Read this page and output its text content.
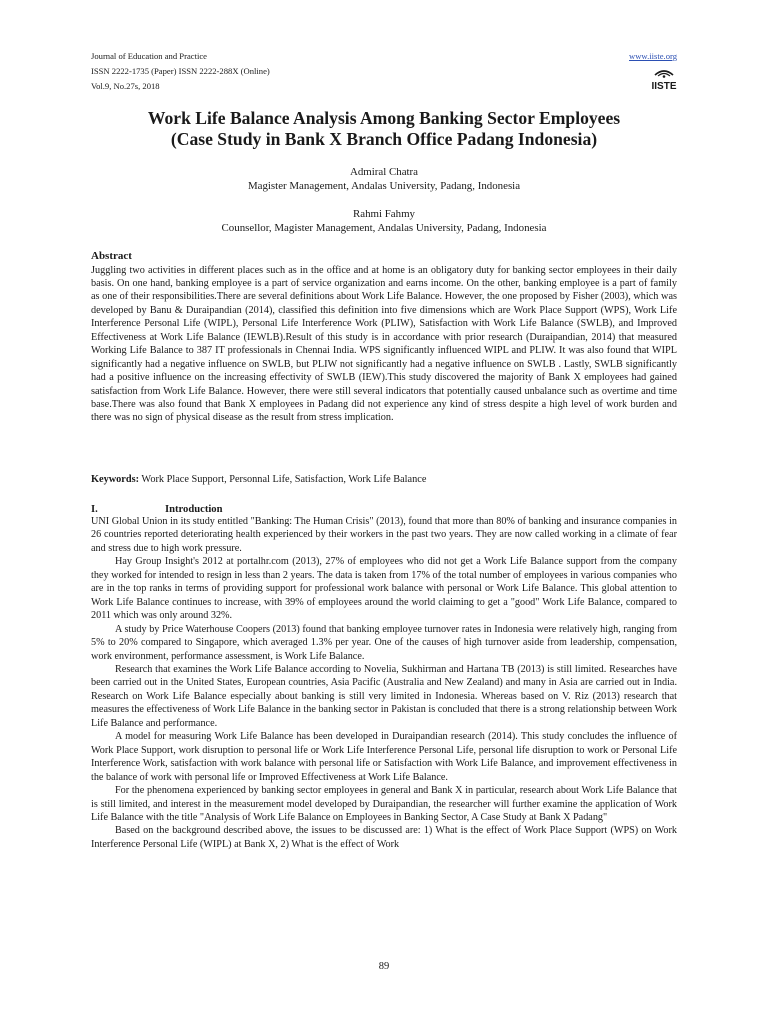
Journal of Education and Practice
ISSN 2222-1735 (Paper) ISSN 2222-288X (Online)
Vol.9, No.27s, 2018
www.iiste.org
IISTE
Work Life Balance Analysis Among Banking Sector Employees
(Case Study in Bank X Branch Office Padang Indonesia)
Admiral Chatra
Magister Management, Andalas University, Padang, Indonesia
Rahmi Fahmy
Counsellor, Magister Management, Andalas University, Padang, Indonesia
Abstract
Juggling two activities in different places such as in the office and at home is an obligatory duty for banking sector employees in their daily basis. On one hand, banking employee is a part of service organization and earns income. On the other, banking employee is a part of family as one of their responsibilities.There are several definitions about Work Life Balance. However, the one proposed by Fisher (2003), which was developed by Banu & Duraipandian (2014), classified this definition into five dimensions which are Work Place Support (WPS), Work Life Interference Personal Life (WIPL), Personal Life Interference Work (PLIW), Satisfaction with Work Life Balance (SWLB), and Improved Effectiveness at Work Life Balance (IEWLB).Result of this study is in accordance with prior research (Duraipandian, 2014) that measured Working Life Balance to 387 IT professionals in Chennai India. WPS significantly influenced WIPL and PLIW. It was also found that WIPL significantly had a negative influence on SWLB, but PLIW not significantly had a negative influence on SWLB . Lastly, SWLB significantly had a positive influence on the increasing effectivity of SWLB (IEW).This study discovered the majority of Bank X employees had gained satisfaction from Work Life Balance. However, there were still several indicators that potentially caused unbalance such as overtime and time base.There was also found that Bank X employees in Padang did not experience any kind of stress despite a high level of work burden and there was no sign of physical disease as the result from stress implication.
Keywords: Work Place Support, Personnal Life, Satisfaction, Work Life Balance
I.	Introduction

UNI Global Union in its study entitled "Banking: The Human Crisis" (2013), found that more than 80% of banking and insurance companies in 26 countries reported deteriorating health experienced by their workers in the past two years. They are now called working in a climate of fear and stress due to high work pressure.

Hay Group Insight's 2012 at portalhr.com (2013), 27% of employees who did not get a Work Life Balance support from the company they worked for intended to resign in less than 2 years. The data is taken from 17% of the total number of employees in various companies who are in the top ranks in terms of providing support for professional work balance with personal or Work Life Balance. This global attention to Work Life Balance continues to increase, with 39% of employees around the world claiming to get a "good" Work Life Balance, compared to 2011 which was only around 32%.

A study by Price Waterhouse Coopers (2013) found that banking employee turnover rates in Indonesia were relatively high, ranging from 5% to 20% compared to Singapore, which averaged 1.3% per year. One of the causes of high turnover aside from leadership, compensation, work environment, performance assessment, is Work Life Balance.

Research that examines the Work Life Balance according to Novelia, Sukhirman and Hartana TB (2013) is still limited. Researches have been carried out in the United States, European countries, Asia Pacific (Australia and New Zealand) and many in Asia are carried out in India. Research on Work Life Balance especially about banking is still very limited in Indonesia. Whereas based on V. Riz (2013) research that measures the effectiveness of Work Life Balance in the banking sector in Pakistan is concluded that there is a strong relationship between Work Life Balance and performance.

A model for measuring Work Life Balance has been developed in Duraipandian research (2014). This study concludes the influence of Work Place Support, work disruption to personal life or Work Life Interference Personal Life, personal life disruption to work or Personal Life Interference Work, satisfaction with work balance with personal life or Satisfaction with Work Life Balance, and improvement effectiveness in the balance of work with personal life or Improved Effectiveness at Work Life Balance.

For the phenomena experienced by banking sector employees in general and Bank X in particular, research about Work Life Balance that is still limited, and interest in the measurement model developed by Duraipandian, the researcher will further examine the application of Work Life Balance with the title "Analysis of Work Life Balance on Employees in Banking Sector, A Case Study at Bank X Padang"

Based on the background described above, the issues to be discussed are: 1) What is the effect of Work Place Support (WPS) on Work Interference Personal Life (WIPL) at Bank X, 2) What is the effect of Work

89
